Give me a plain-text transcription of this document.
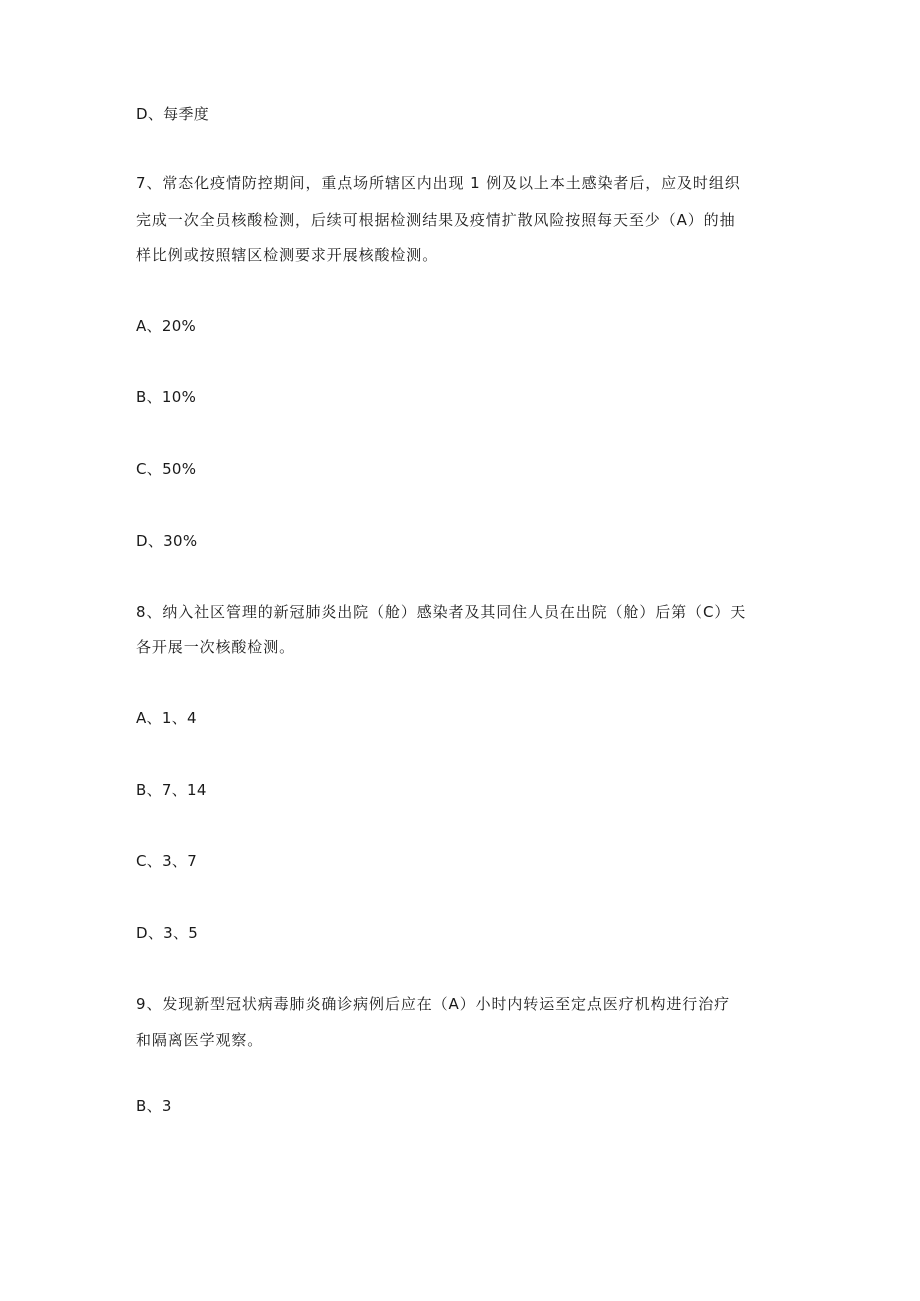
D、每季度
7、常态化疫情防控期间，重点场所辖区内出现 1 例及以上本土感染者后，应及时组织
完成一次全员核酸检测，后续可根据检测结果及疫情扩散风险按照每天至少（A）的抽
样比例或按照辖区检测要求开展核酸检测。
A、20%
B、10%
C、50%
D、30%
8、纳入社区管理的新冠肺炎出院（舱）感染者及其同住人员在出院（舱）后第（C）天
各开展一次核酸检测。
A、1、4
B、7、14
C、3、7
D、3、5
9、发现新型冠状病毒肺炎确诊病例后应在（A）小时内转运至定点医疗机构进行治疗
和隔离医学观察。
B、3
